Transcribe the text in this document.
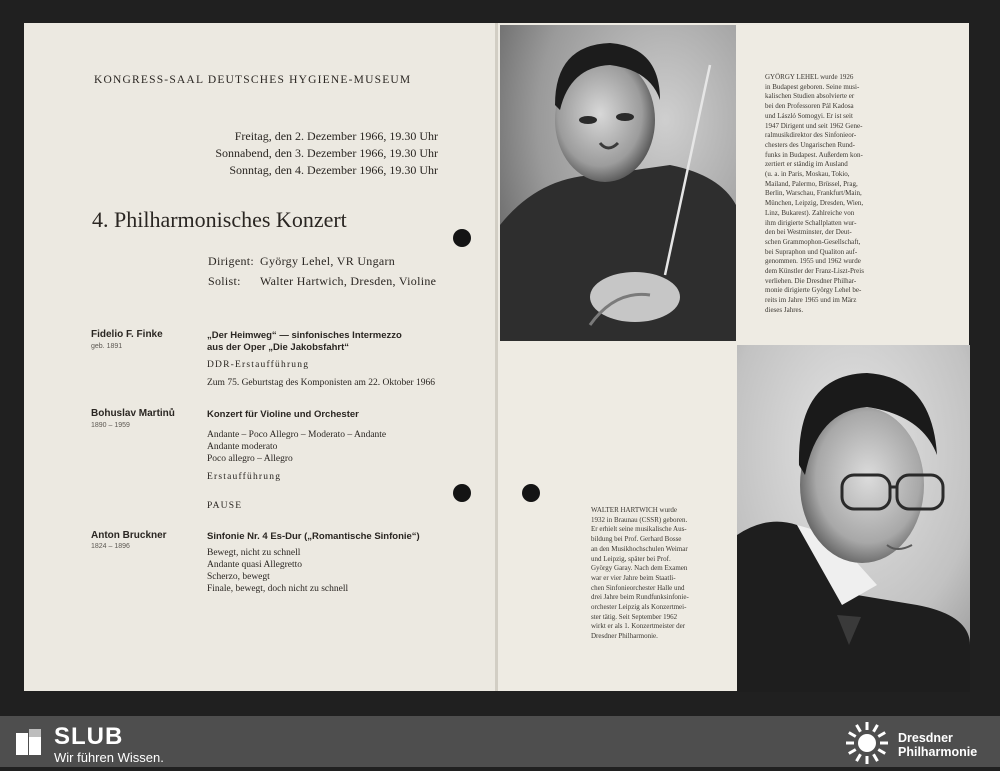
KONGRESS-SAAL DEUTSCHES HYGIENE-MUSEUM
Freitag, den 2. Dezember 1966, 19.30 Uhr
Sonnabend, den 3. Dezember 1966, 19.30 Uhr
Sonntag, den 4. Dezember 1966, 19.30 Uhr
4. Philharmonisches Konzert
Dirigent: György Lehel, VR Ungarn
Solist: Walter Hartwich, Dresden, Violine
Fidelio F. Finke
geb. 1891
„Der Heimweg“ — sinfonisches Intermezzo
aus der Oper „Die Jakobsfahrt“
DDR-Erstaufführung
Zum 75. Geburtstag des Komponisten am 22. Oktober 1966
Bohuslav Martinů
1890 – 1959
Konzert für Violine und Orchester
Andante – Poco Allegro – Moderato – Andante
Andante moderato
Poco allegro – Allegro
Erstaufführung
PAUSE
Anton Bruckner
1824 – 1896
Sinfonie Nr. 4 Es-Dur („Romantische Sinfonie“)
Bewegt, nicht zu schnell
Andante quasi Allegretto
Scherzo, bewegt
Finale, bewegt, doch nicht zu schnell
GYÖRGY LEHEL wurde 1926
in Budapest geboren. Seine musi-
kalischen Studien absolvierte er
bei den Professoren Pál Kadosa
und László Somogyi. Er ist seit
1947 Dirigent und seit 1962 Gene-
ralmusikdirektor des Sinfonieor-
chesters des Ungarischen Rund-
funks in Budapest. Außerdem kon-
zertiert er ständig im Ausland
(u. a. in Paris, Moskau, Tokio,
Mailand, Palermo, Brüssel, Prag,
Berlin, Warschau, Frankfurt/Main,
München, Leipzig, Dresden, Wien,
Linz, Bukarest). Zahlreiche von
ihm dirigierte Schallplatten wur-
den bei Westminster, der Deut-
schen Grammophon-Gesellschaft,
bei Supraphon und Qualiton auf-
genommen. 1955 und 1962 wurde
dem Künstler der Franz-Liszt-Preis
verliehen. Die Dresdner Philhar-
monie dirigierte György Lehel be-
reits im Jahre 1965 und im März
dieses Jahres.
WALTER HARTWICH wurde
1932 in Braunau (CSSR) geboren.
Er erhielt seine musikalische Aus-
bildung bei Prof. Gerhard Bosse
an den Musikhochschulen Weimar
und Leipzig, später bei Prof.
György Garay. Nach dem Examen
war er vier Jahre beim Staatli-
chen Sinfonieorchester Halle und
drei Jahre beim Rundfunksinfonie-
orchester Leipzig als Konzertmei-
ster tätig. Seit September 1962
wirkt er als 1. Konzertmeister der
Dresdner Philharmonie.
SLUB
Wir führen Wissen.
Dresdner
Philharmonie
